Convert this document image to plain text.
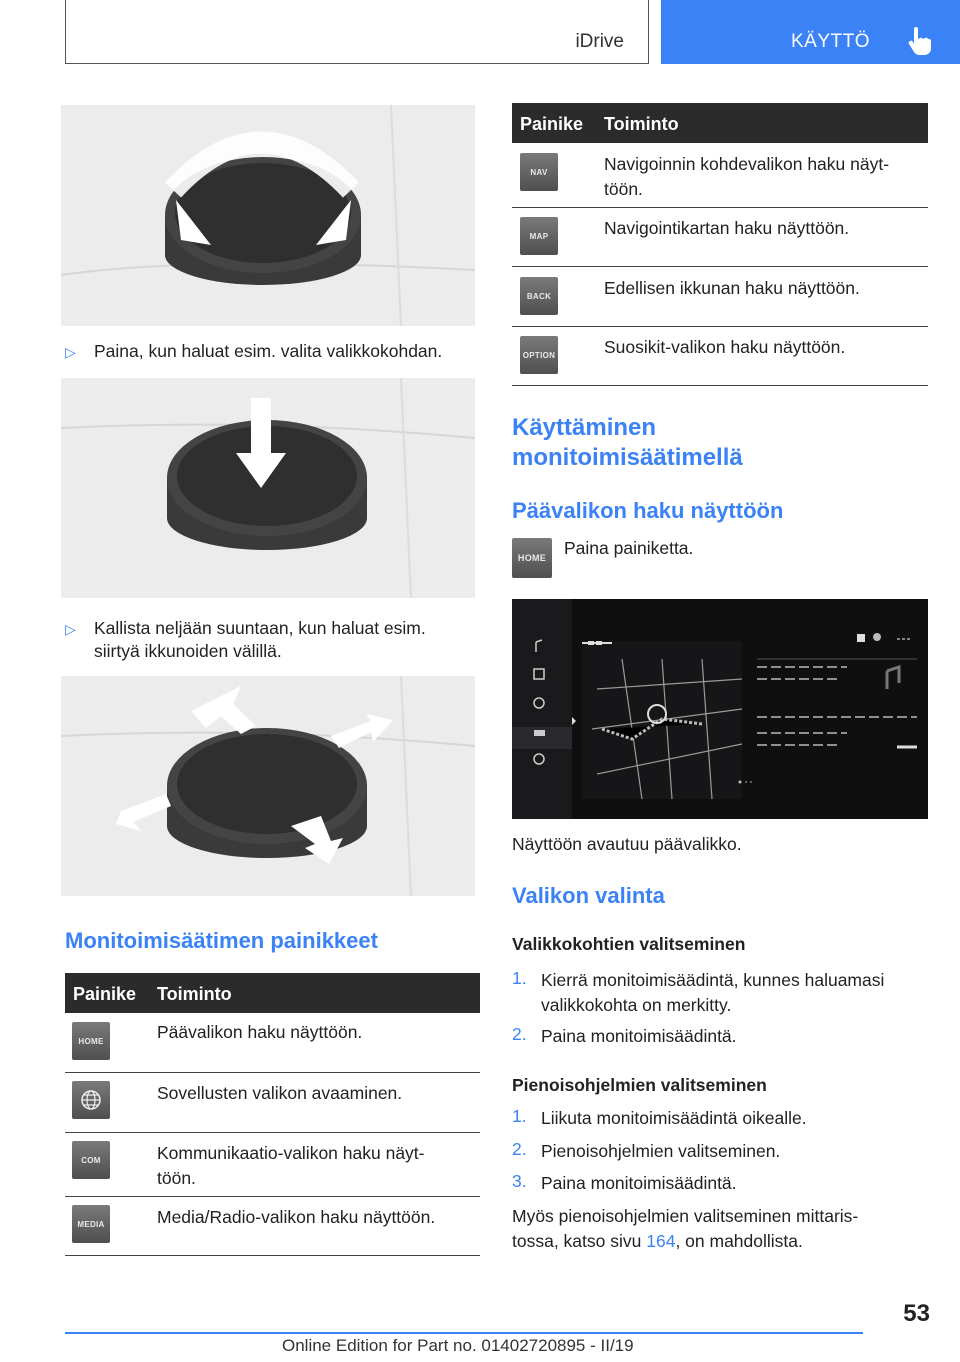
iDrive	KÄYTTÖ
▷ Paina, kun haluat esim. valita valikkokohdan.
▷ Kallista neljään suuntaan, kun haluat esim.
siirtyä ikkunoiden välillä.
Monitoimisäätimen painikkeet
Painike Toiminto
HOME	Päävalikon haku näyttöön.
Sovellusten valikon avaaminen.
COM	Kommunikaatio-valikon haku näyt-
töön.
MEDIA	Media/Radio-valikon haku näyttöön.
Painike Toiminto
NAV	Navigoinnin kohdevalikon haku näyt-
töön.
MAP	Navigointikartan haku näyttöön.
BACK	Edellisen ikkunan haku näyttöön.
OPTION	Suosikit-valikon haku näyttöön.
Käyttäminen
monitoimisäätimellä
Päävalikon haku näyttöön
HOME	Paina painiketta.
Näyttöön avautuu päävalikko.
Valikon valinta
Valikkokohtien valitseminen
1. Kierrä monitoimisäädintä, kunnes haluamasi
valikkokohta on merkitty.
2. Paina monitoimisäädintä.
Pienoisohjelmien valitseminen
1. Liikuta monitoimisäädintä oikealle.
2. Pienoisohjelmien valitseminen.
3. Paina monitoimisäädintä.
Myös pienoisohjelmien valitseminen mittaris-
tossa, katso sivu 164, on mahdollista.
53
Online Edition for Part no. 01402720895 - II/19
